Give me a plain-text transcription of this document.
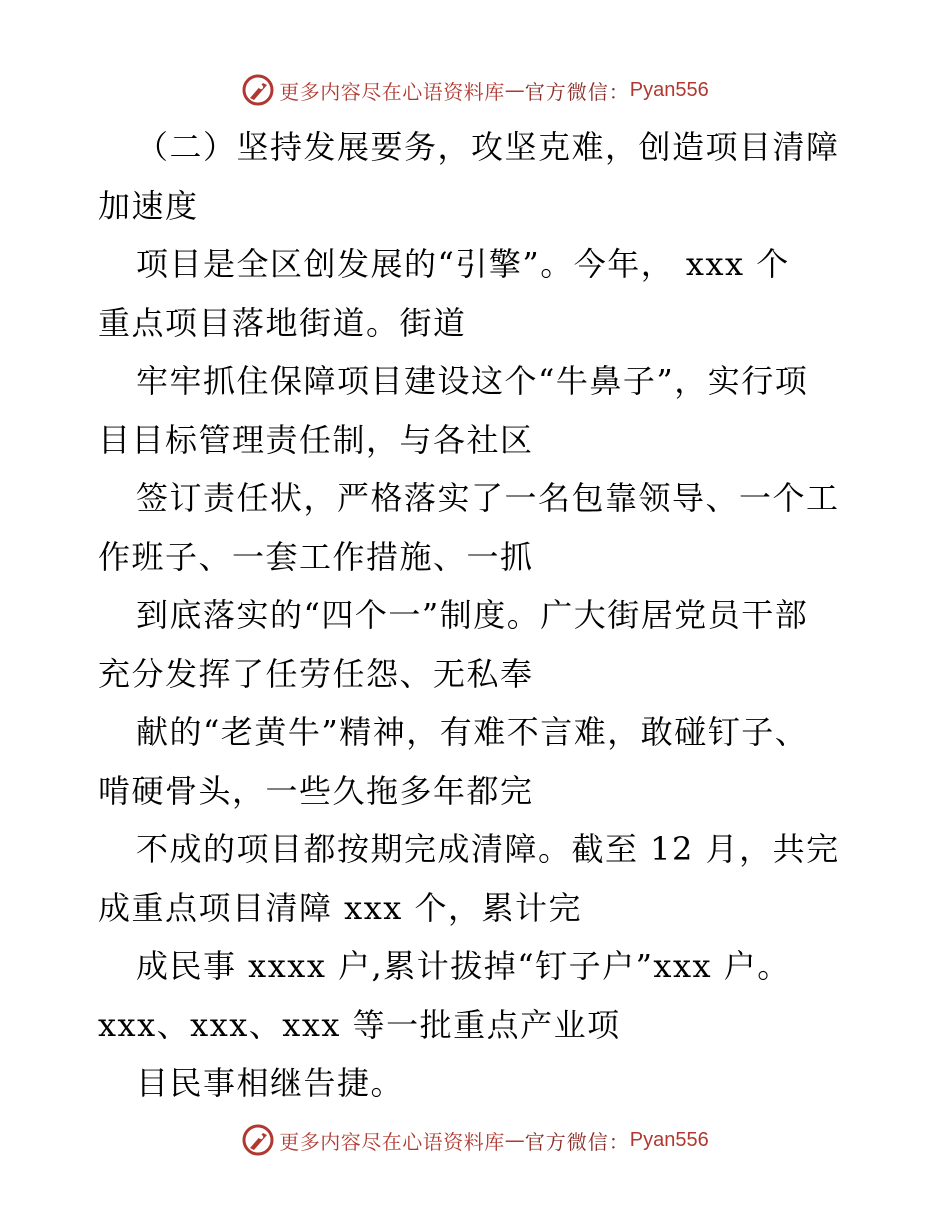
更多内容尽在心语资料库 — 官方微信： Pyan556
（二）坚持发展要务，攻坚克难，创造项目清障
加速度
项目是全区创发展的“引擎”。今年， xxx 个
重点项目落地街道。街道
牢牢抓住保障项目建设这个“牛鼻子”，实行项
目目标管理责任制，与各社区
签订责任状，严格落实了一名包靠领导、一个工
作班子、一套工作措施、一抓
到底落实的“四个一”制度。广大街居党员干部
充分发挥了任劳任怨、无私奉
献的“老黄牛”精神，有难不言难，敢碰钉子、
啃硬骨头，一些久拖多年都完
不成的项目都按期完成清障。截至 12 月，共完
成重点项目清障 xxx 个，累计完
成民事 xxxx 户,累计拔掉“钉子户”xxx 户。
xxx、xxx、xxx 等一批重点产业项
目民事相继告捷。
更多内容尽在心语资料库 — 官方微信： Pyan556
